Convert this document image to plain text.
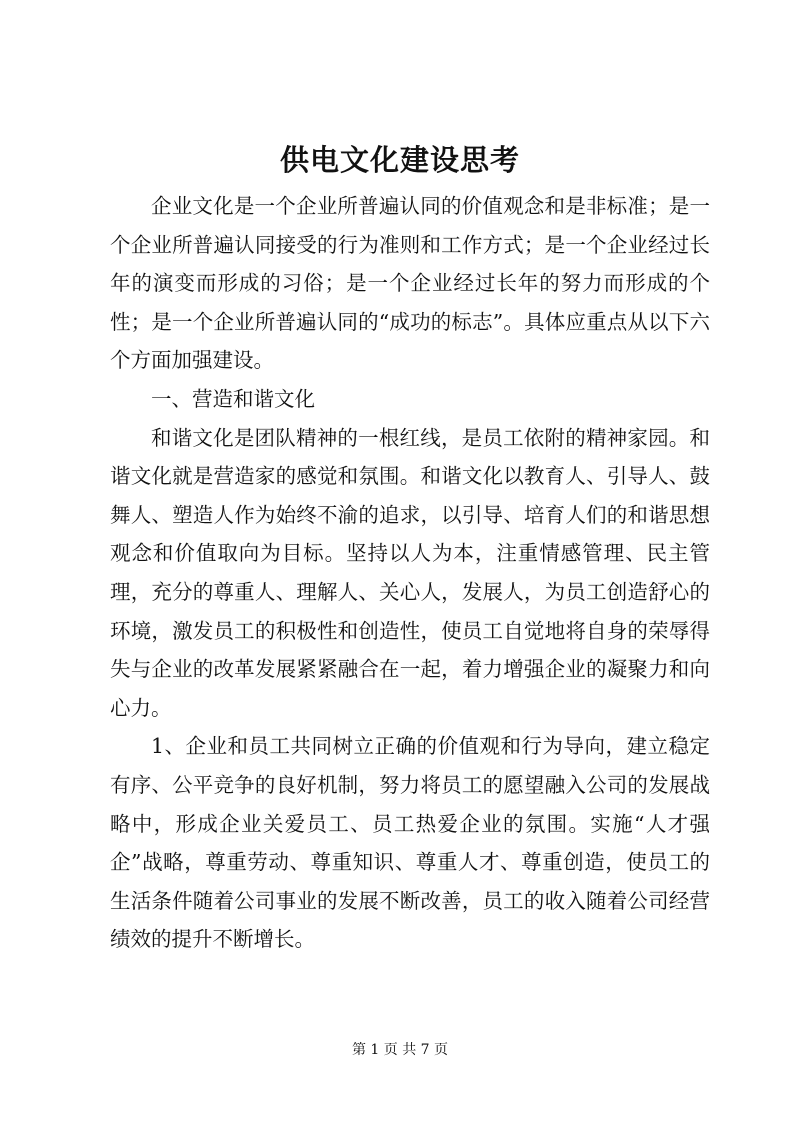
供电文化建设思考

企业文化是一个企业所普遍认同的价值观念和是非标准；是一个企业所普遍认同接受的行为准则和工作方式；是一个企业经过长年的演变而形成的习俗；是一个企业经过长年的努力而形成的个性；是一个企业所普遍认同的“成功的标志”。具体应重点从以下六个方面加强建设。

一、营造和谐文化

和谐文化是团队精神的一根红线，是员工依附的精神家园。和谐文化就是营造家的感觉和氛围。和谐文化以教育人、引导人、鼓舞人、塑造人作为始终不渝的追求，以引导、培育人们的和谐思想观念和价值取向为目标。坚持以人为本，注重情感管理、民主管理，充分的尊重人、理解人、关心人，发展人，为员工创造舒心的环境，激发员工的积极性和创造性，使员工自觉地将自身的荣辱得失与企业的改革发展紧紧融合在一起，着力增强企业的凝聚力和向心力。

1、企业和员工共同树立正确的价值观和行为导向，建立稳定有序、公平竞争的良好机制，努力将员工的愿望融入公司的发展战略中，形成企业关爱员工、员工热爱企业的氛围。实施“人才强企”战略，尊重劳动、尊重知识、尊重人才、尊重创造，使员工的生活条件随着公司事业的发展不断改善，员工的收入随着公司经营绩效的提升不断增长。

第 1 页 共 7 页
